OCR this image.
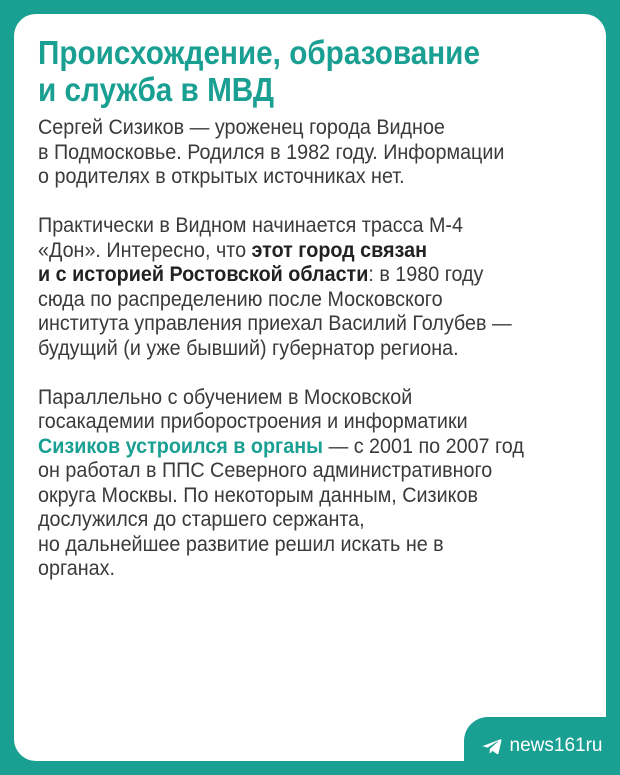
Происхождение, образование
и служба в МВД

Сергей Сизиков — уроженец города Видное
в Подмосковье. Родился в 1982 году. Информации
о родителях в открытых источниках нет.

Практически в Видном начинается трасса М-4
«Дон». Интересно, что этот город связан
и с историей Ростовской области: в 1980 году
сюда по распределению после Московского
института управления приехал Василий Голубев —
будущий (и уже бывший) губернатор региона.

Параллельно с обучением в Московской
госакадемии приборостроения и информатики
Сизиков устроился в органы — с 2001 по 2007 год
он работал в ППС Северного административного
округа Москвы. По некоторым данным, Сизиков
дослужился до старшего сержанта,
но дальнейшее развитие решил искать не в
органах.

news161ru
